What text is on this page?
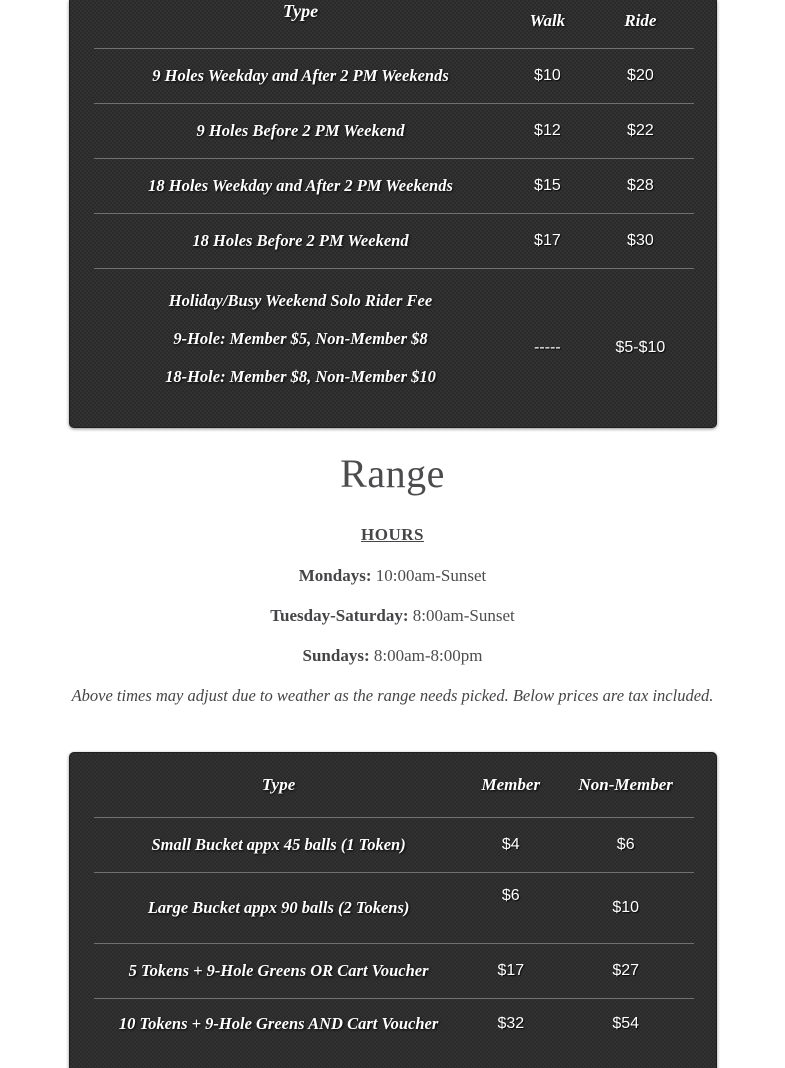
Type	Walk	Ride
9 Holes Weekday and After 2 PM Weekends	$10	$20
9 Holes Before 2 PM Weekend	$12	$22
18 Holes Weekday and After 2 PM Weekends	$15	$28
18 Holes Before 2 PM Weekend	$17	$30

Holiday/Busy Weekend Solo Rider Fee

9-Hole: Member $5, Non-Member $8

18-Hole: Member $8, Non-Member $10	-----	$5-$10
Range
HOURS

Mondays: 10:00am-Sunset

Tuesday-Saturday: 8:00am-Sunset

Sundays: 8:00am-8:00pm

Above times may adjust due to weather as the range needs picked. Below prices are tax included.

Type	Member	Non-Member
Small Bucket appx 45 balls (1 Token)	$4	$6
Large Bucket appx 90 balls (2 Tokens)	$6	$10
5 Tokens + 9-Hole Greens OR Cart Voucher	$17	$27
10 Tokens + 9-Hole Greens AND Cart Voucher	$32	$54
